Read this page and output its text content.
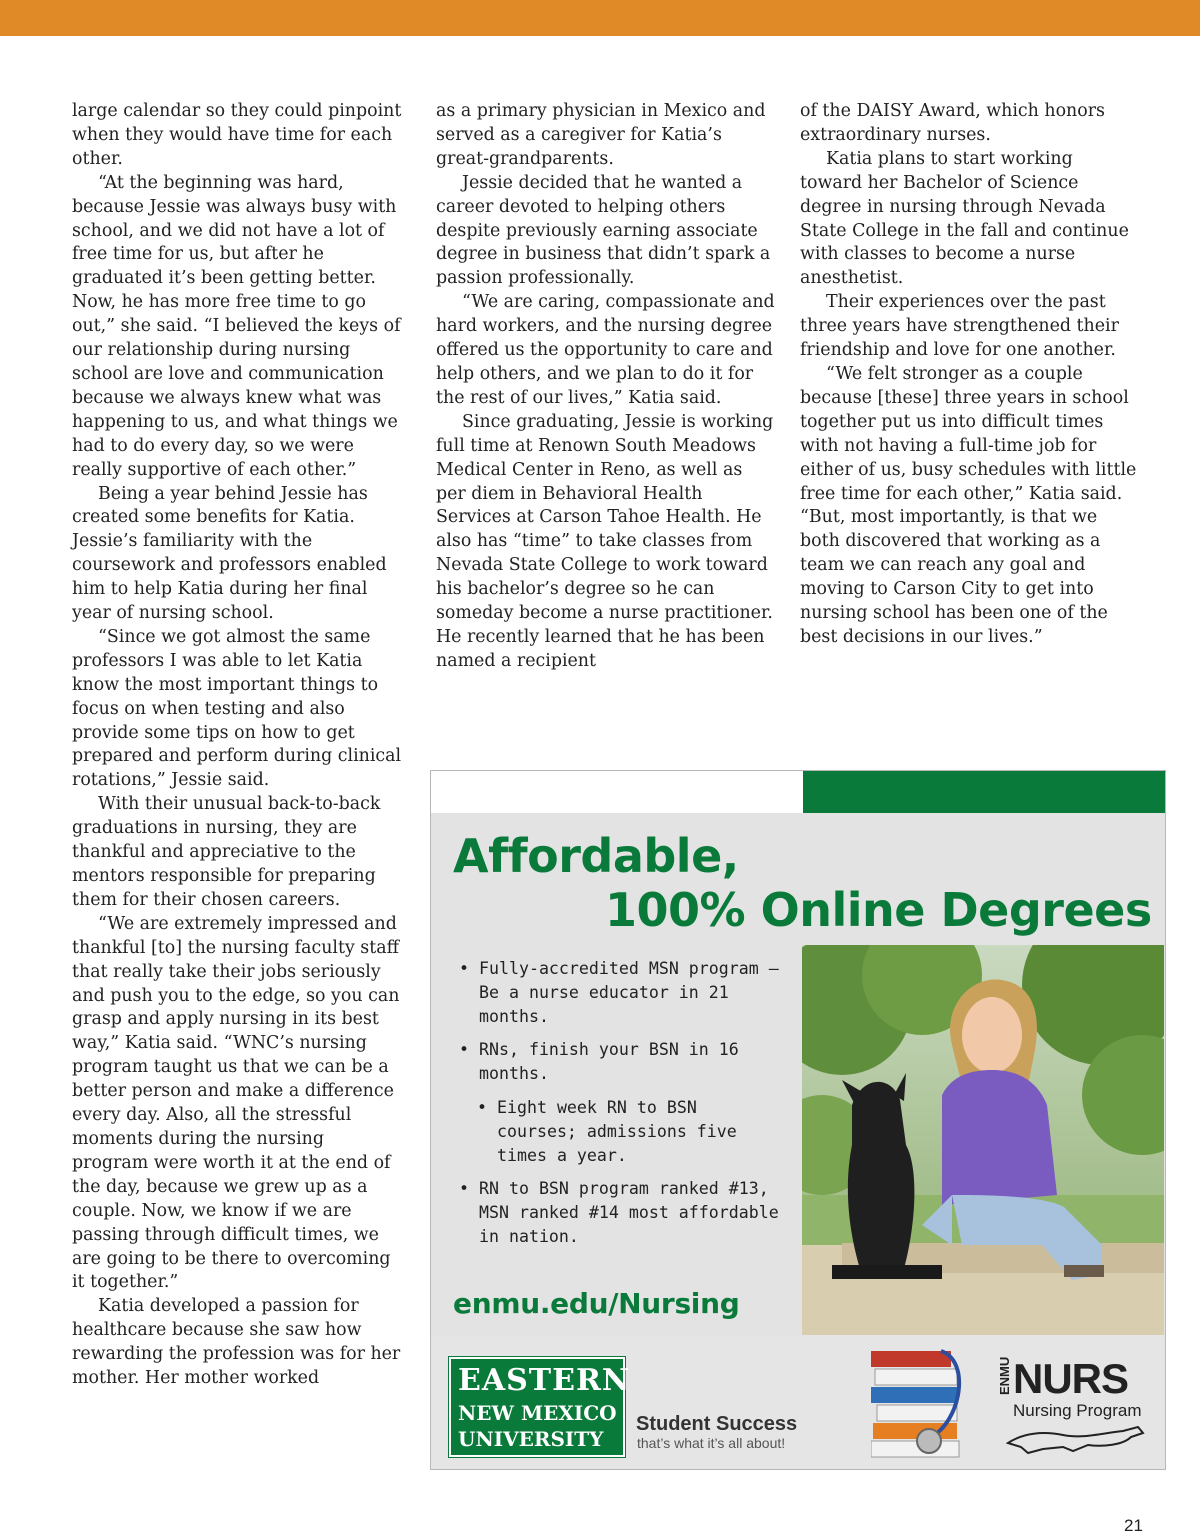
large calendar so they could pinpoint when they would have time for each other.

“At the beginning was hard, because Jessie was always busy with school, and we did not have a lot of free time for us, but after he graduated it’s been getting better. Now, he has more free time to go out,” she said. “I believed the keys of our relationship during nursing school are love and communication because we always knew what was happening to us, and what things we had to do every day, so we were really supportive of each other.”

Being a year behind Jessie has created some benefits for Katia. Jessie’s familiarity with the coursework and professors enabled him to help Katia during her final year of nursing school.

“Since we got almost the same professors I was able to let Katia know the most important things to focus on when testing and also provide some tips on how to get prepared and perform during clinical rotations,” Jessie said.

With their unusual back-to-back graduations in nursing, they are thankful and appreciative to the mentors responsible for preparing them for their chosen careers.

“We are extremely impressed and thankful [to] the nursing faculty staff that really take their jobs seriously and push you to the edge, so you can grasp and apply nursing in its best way,” Katia said. “WNC’s nursing program taught us that we can be a better person and make a difference every day. Also, all the stressful moments during the nursing program were worth it at the end of the day, because we grew up as a couple. Now, we know if we are passing through difficult times, we are going to be there to overcoming it together.”

Katia developed a passion for healthcare because she saw how rewarding the profession was for her mother. Her mother worked

as a primary physician in Mexico and served as a caregiver for Katia’s great-grandparents.

Jessie decided that he wanted a career devoted to helping others despite previously earning associate degree in business that didn’t spark a passion professionally.

“We are caring, compassionate and hard workers, and the nursing degree offered us the opportunity to care and help others, and we plan to do it for the rest of our lives,” Katia said.

Since graduating, Jessie is working full time at Renown South Meadows Medical Center in Reno, as well as per diem in Behavioral Health Services at Carson Tahoe Health. He also has “time” to take classes from Nevada State College to work toward his bachelor’s degree so he can someday become a nurse practitioner. He recently learned that he has been named a recipient

of the DAISY Award, which honors extraordinary nurses.

Katia plans to start working toward her Bachelor of Science degree in nursing through Nevada State College in the fall and continue with classes to become a nurse anesthetist.

Their experiences over the past three years have strengthened their friendship and love for one another.

“We felt stronger as a couple because [these] three years in school together put us into difficult times with not having a full-time job for either of us, busy schedules with little free time for each other,” Katia said. “But, most importantly, is that we both discovered that working as a team we can reach any goal and moving to Carson City to get into nursing school has been one of the best decisions in our lives.”

Affordable,
100% Online Degrees
• Fully-accredited MSN program – Be a nurse educator in 21 months.
• RNs, finish your BSN in 16 months.
• Eight week RN to BSN courses; admissions five times a year.
• RN to BSN program ranked #13, MSN ranked #14 most affordable in nation.
enmu.edu/Nursing
EASTERN
NEW MEXICO
UNIVERSITY
Student Success
that’s what it’s all about!
ENMU NURS
Nursing Program
21
